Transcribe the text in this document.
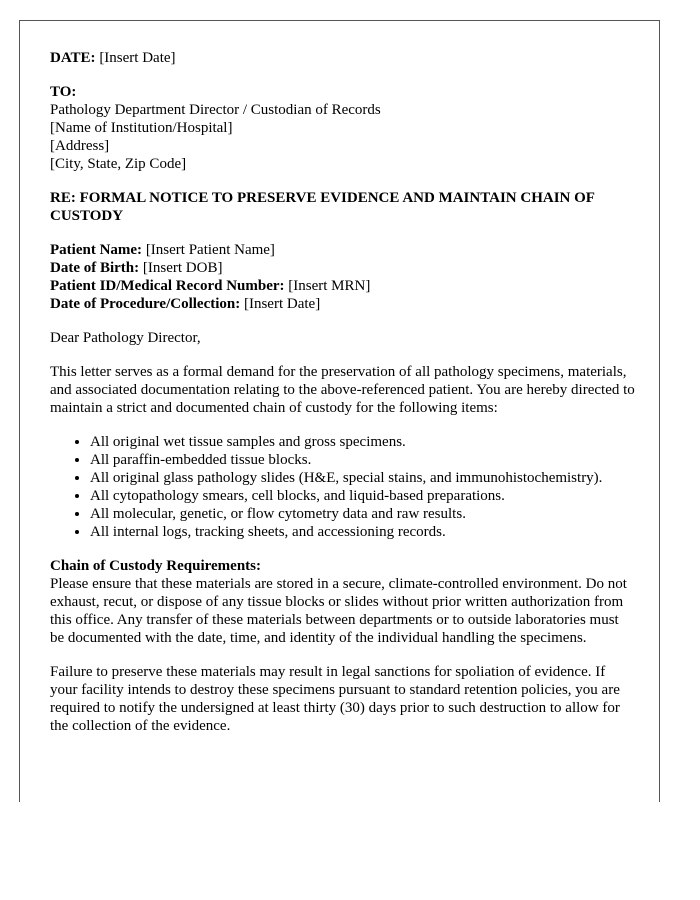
DATE: [Insert Date]

TO:
Pathology Department Director / Custodian of Records
[Name of Institution/Hospital]
[Address]
[City, State, Zip Code]

RE: FORMAL NOTICE TO PRESERVE EVIDENCE AND MAINTAIN CHAIN OF CUSTODY

Patient Name: [Insert Patient Name]
Date of Birth: [Insert DOB]
Patient ID/Medical Record Number: [Insert MRN]
Date of Procedure/Collection: [Insert Date]

Dear Pathology Director,

This letter serves as a formal demand for the preservation of all pathology specimens, materials, and associated documentation relating to the above-referenced patient. You are hereby directed to maintain a strict and documented chain of custody for the following items:

• All original wet tissue samples and gross specimens.
• All paraffin-embedded tissue blocks.
• All original glass pathology slides (H&E, special stains, and immunohistochemistry).
• All cytopathology smears, cell blocks, and liquid-based preparations.
• All molecular, genetic, or flow cytometry data and raw results.
• All internal logs, tracking sheets, and accessioning records.
Chain of Custody Requirements:
Please ensure that these materials are stored in a secure, climate-controlled environment. Do not exhaust, recut, or dispose of any tissue blocks or slides without prior written authorization from this office. Any transfer of these materials between departments or to outside laboratories must be documented with the date, time, and identity of the individual handling the specimens.

Failure to preserve these materials may result in legal sanctions for spoliation of evidence. If your facility intends to destroy these specimens pursuant to standard retention policies, you are required to notify the undersigned at least thirty (30) days prior to such destruction to allow for the collection of the evidence.
